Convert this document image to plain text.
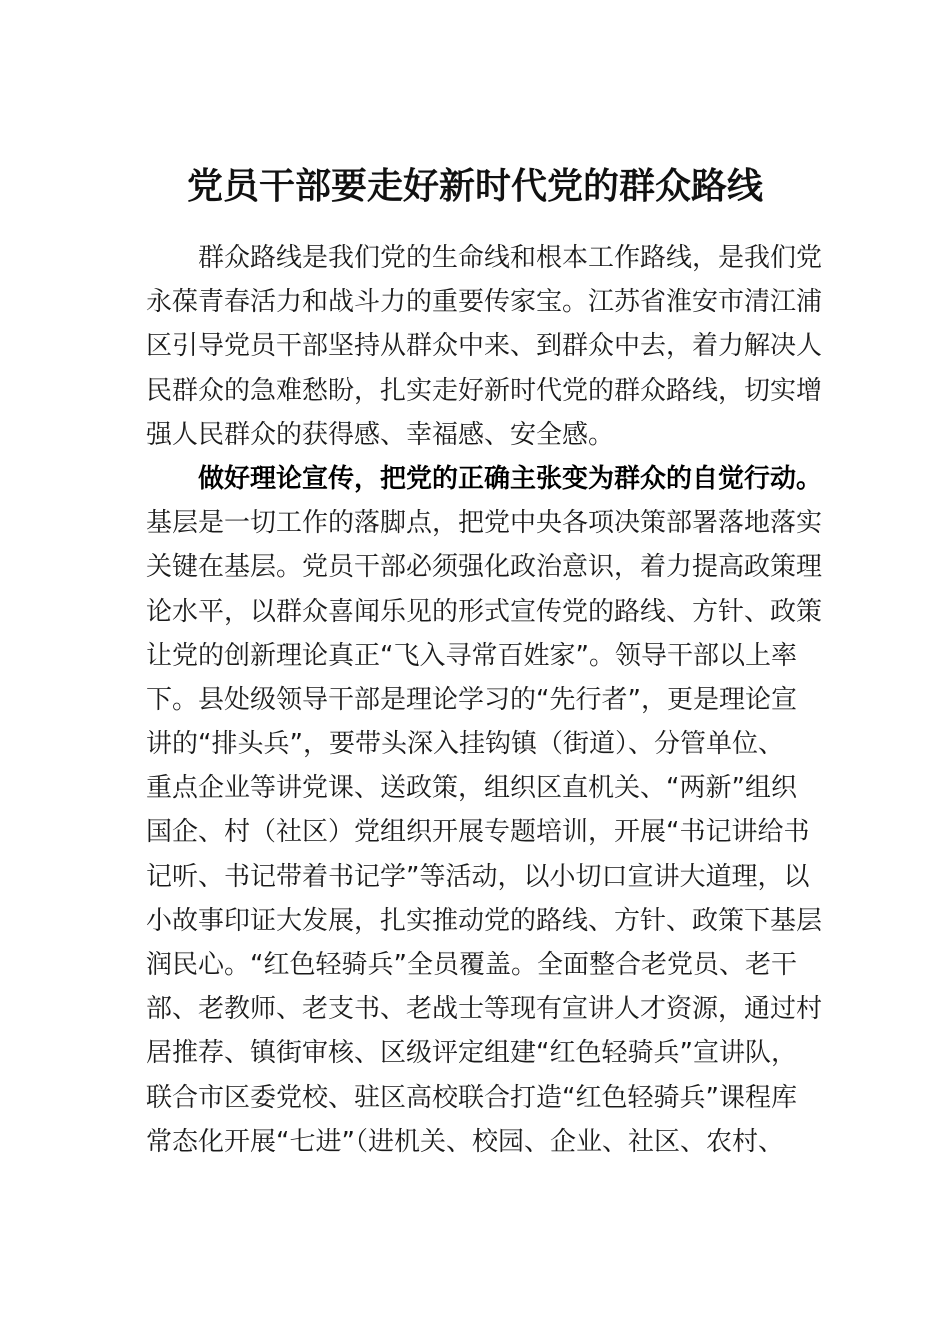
党员干部要走好新时代党的群众路线
群众路线是我们党的生命线和根本工作路线，是我们党
永葆青春活力和战斗力的重要传家宝。江苏省淮安市清江浦
区引导党员干部坚持从群众中来、到群众中去，着力解决人
民群众的急难愁盼，扎实走好新时代党的群众路线，切实增
强人民群众的获得感、幸福感、安全感。
做好理论宣传，把党的正确主张变为群众的自觉行动。
基层是一切工作的落脚点，把党中央各项决策部署落地落实
关键在基层。党员干部必须强化政治意识，着力提高政策理
论水平，以群众喜闻乐见的形式宣传党的路线、方针、政策
让党的创新理论真正“飞入寻常百姓家”。领导干部以上率
下。县处级领导干部是理论学习的“先行者”，更是理论宣
讲的“排头兵”，要带头深入挂钩镇（街道）、分管单位、
重点企业等讲党课、送政策，组织区直机关、“两新”组织
国企、村（社区）党组织开展专题培训，开展“书记讲给书
记听、书记带着书记学”等活动，以小切口宣讲大道理，以
小故事印证大发展，扎实推动党的路线、方针、政策下基层
润民心。“红色轻骑兵”全员覆盖。全面整合老党员、老干
部、老教师、老支书、老战士等现有宣讲人才资源，通过村
居推荐、镇街审核、区级评定组建“红色轻骑兵”宣讲队，
联合市区委党校、驻区高校联合打造“红色轻骑兵”课程库
常态化开展“七进”（进机关、校园、企业、社区、农村、
